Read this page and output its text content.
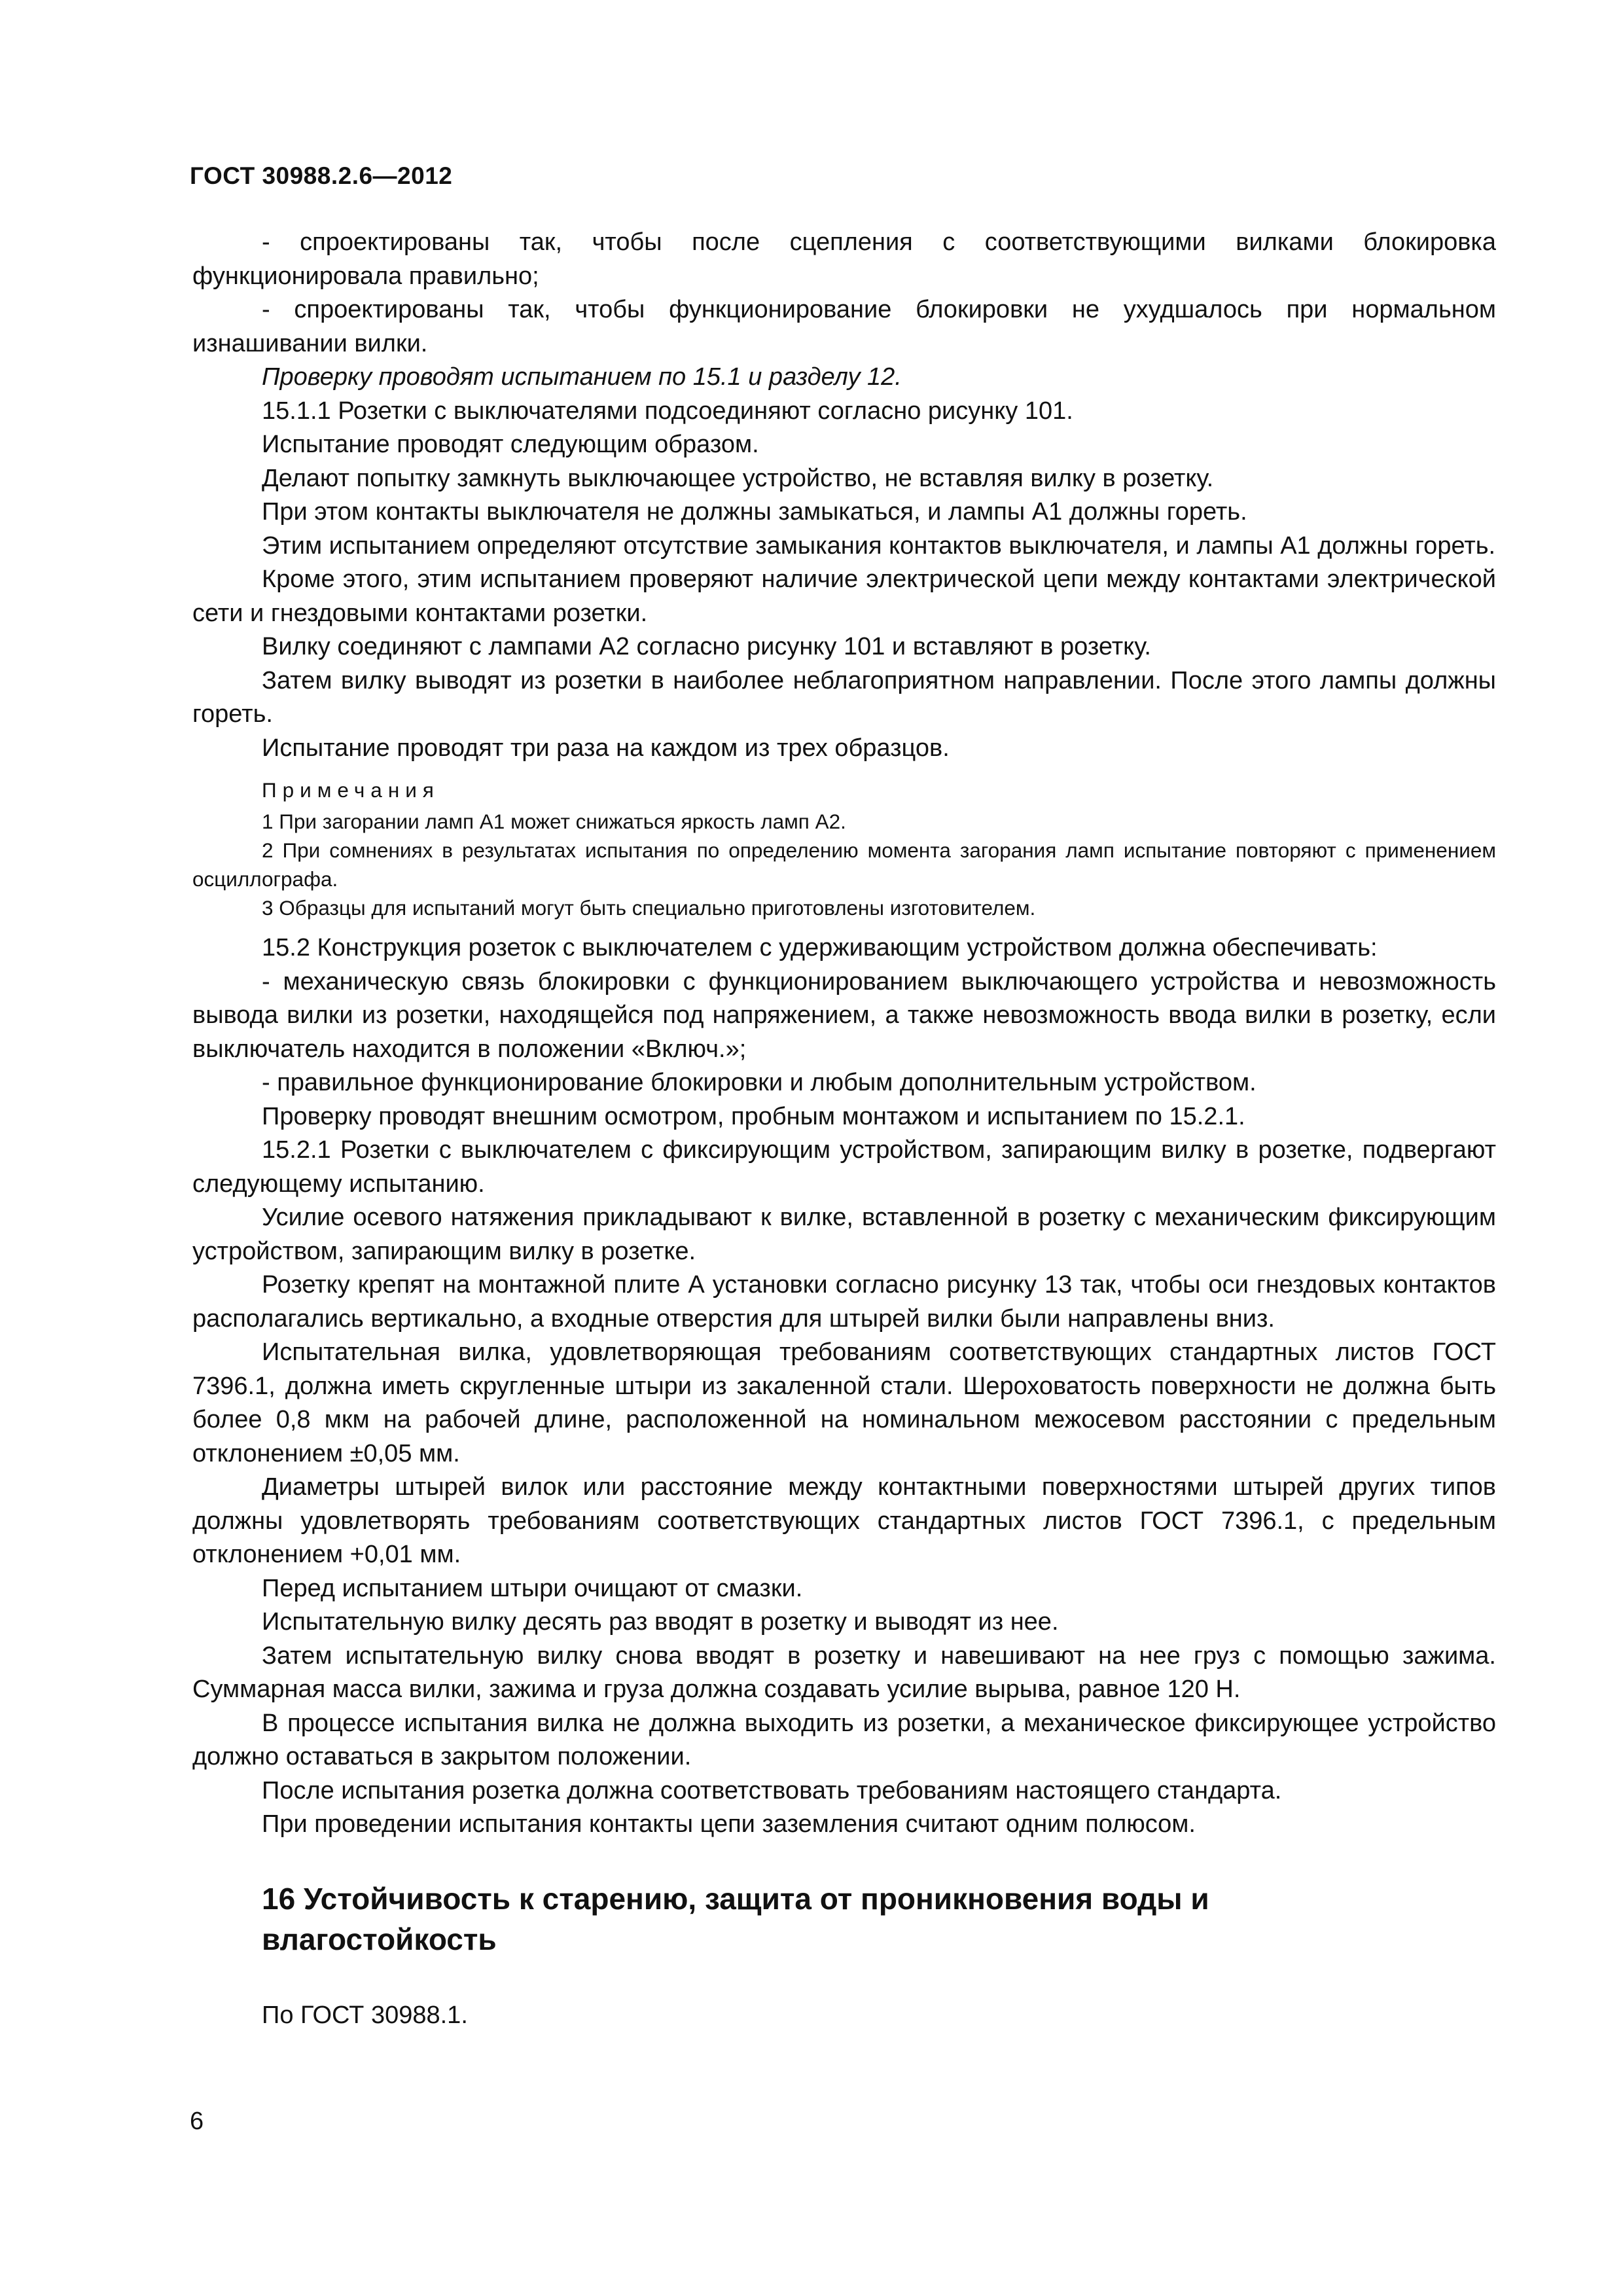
ГОСТ 30988.2.6—2012

- спроектированы так, чтобы после сцепления с соответствующими вилками блокировка функционировала правильно;

- спроектированы так, чтобы функционирование блокировки не ухудшалось при нормальном изнашивании вилки.

Проверку проводят испытанием по 15.1 и разделу 12.

15.1.1 Розетки с выключателями подсоединяют согласно рисунку 101.

Испытание проводят следующим образом.

Делают попытку замкнуть выключающее устройство, не вставляя вилку в розетку.

При этом контакты выключателя не должны замыкаться, и лампы А1 должны гореть.

Этим испытанием определяют отсутствие замыкания контактов выключателя, и лампы А1 должны гореть.

Кроме этого, этим испытанием проверяют наличие электрической цепи между контактами электрической сети и гнездовыми контактами розетки.

Вилку соединяют с лампами А2 согласно рисунку 101 и вставляют в розетку.

Затем вилку выводят из розетки в наиболее неблагоприятном направлении. После этого лампы должны гореть.

Испытание проводят три раза на каждом из трех образцов.

Примечания

1 При загорании ламп А1 может снижаться яркость ламп А2.

2 При сомнениях в результатах испытания по определению момента загорания ламп испытание повторяют с применением осциллографа.

3 Образцы для испытаний могут быть специально приготовлены изготовителем.

15.2 Конструкция розеток с выключателем с удерживающим устройством должна обеспечивать:

- механическую связь блокировки с функционированием выключающего устройства и невозможность вывода вилки из розетки, находящейся под напряжением, а также невозможность ввода вилки в розетку, если выключатель находится в положении «Включ.»;

- правильное функционирование блокировки и любым дополнительным устройством.

Проверку проводят внешним осмотром, пробным монтажом и испытанием по 15.2.1.

15.2.1 Розетки с выключателем с фиксирующим устройством, запирающим вилку в розетке, подвергают следующему испытанию.

Усилие осевого натяжения прикладывают к вилке, вставленной в розетку с механическим фиксирующим устройством, запирающим вилку в розетке.

Розетку крепят на монтажной плите А установки согласно рисунку 13 так, чтобы оси гнездовых контактов располагались вертикально, а входные отверстия для штырей вилки были направлены вниз.

Испытательная вилка, удовлетворяющая требованиям соответствующих стандартных листов ГОСТ 7396.1, должна иметь скругленные штыри из закаленной стали. Шероховатость поверхности не должна быть более 0,8 мкм на рабочей длине, расположенной на номинальном межосевом расстоянии с предельным отклонением ±0,05 мм.

Диаметры штырей вилок или расстояние между контактными поверхностями штырей других типов должны удовлетворять требованиям соответствующих стандартных листов ГОСТ 7396.1, с предельным отклонением +0,01 мм.

Перед испытанием штыри очищают от смазки.

Испытательную вилку десять раз вводят в розетку и выводят из нее.

Затем испытательную вилку снова вводят в розетку и навешивают на нее груз с помощью зажима. Суммарная масса вилки, зажима и груза должна создавать усилие вырыва, равное 120 Н.

В процессе испытания вилка не должна выходить из розетки, а механическое фиксирующее устройство должно оставаться в закрытом положении.

После испытания розетка должна соответствовать требованиям настоящего стандарта.

При проведении испытания контакты цепи заземления считают одним полюсом.

16 Устойчивость к старению, защита от проникновения воды и влагостойкость

По ГОСТ 30988.1.

6
